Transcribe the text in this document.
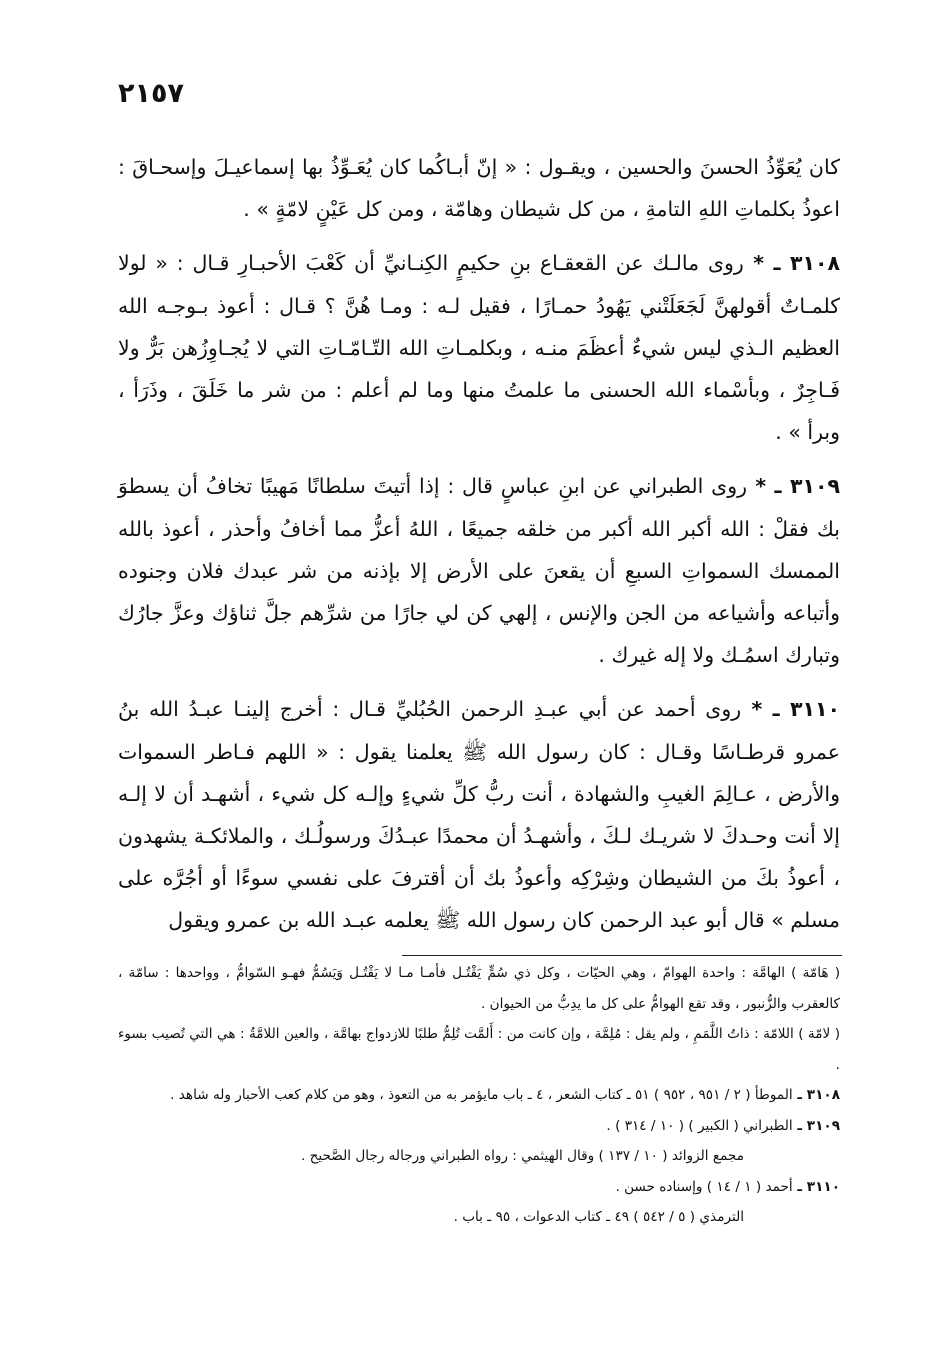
٢١٥٧

كان يُعَوِّذُ الحسنَ والحسين ، ويقـول : « إنّ أبـاكُما كان يُعَـوِّذُ بها إسماعيـلَ وإسحـاقَ : اعوذُ بكلماتِ اللهِ التامةِ ، من كل شيطان وهامّة ، ومن كل عَيْنٍ لامّةٍ » .

٣١٠٨ ـ * روى مالـك عن القعقـاع بنِ حكيمٍ الكِنـانيِّ أن كَعْبَ الأحبـارِ قـال : « لولا كلمـاتٌ أقولهنَّ لَجَعَلَتْني يَهُودُ حمـارًا ، فقيل لـه : ومـا هُنَّ ؟ قـال : أعوذ بـوجـه الله العظيم الـذي ليس شيءٌ أعظَمَ منـه ، وبكلمـاتِ الله التّـامّـاتِ التي لا يُجـاوِزُهن بَرٌّ ولا فَـاجِرٌ ، وبأسْماء الله الحسنى ما علمتُ منها وما لم أعلم : من شر ما خَلَقَ ، وذَرَأ ، وبرأ » .

٣١٠٩ ـ * روى الطبراني عن ابنِ عباسٍ قال : إذا أتيتَ سلطانًا مَهيبًا تخافُ أن يسطوَ بك فقلْ : الله أكبر الله أكبر من خلقه جميعًا ، اللهُ أعزُّ مما أخافُ وأحذر ، أعوذ بالله الممسك السمواتِ السبعِ أن يقعنَ على الأرض إلا بإذنه من شر عبدك فلان وجنوده وأتباعه وأشياعه من الجن والإنس ، إلهي كن لي جارًا من شرِّهم جلَّ ثناؤك وعزَّ جارُك وتبارك اسمُـك ولا إله غيرك .

٣١١٠ ـ * روى أحمد عن أبي عبـدِ الرحمن الحُبُليِّ قـال : أخرج إلينـا عبـدُ الله بنُ عمرو قرطـاسًا وقـال : كان رسول الله ﷺ يعلمنا يقول : « اللهم فـاطر السموات والأرض ، عـالِمَ الغيبِ والشهادة ، أنت ربُّ كلِّ شيءٍ وإلـه كل شيء ، أشهـد أن لا إلـه إلا أنت وحـدكَ لا شريـك لـكَ ، وأشهـدُ أن محمدًا عبـدُكَ ورسولُـك ، والملائكـة يشهدون ، أعوذُ بكَ من الشيطان وشِرْكِه وأعوذُ بك أن أقترفَ على نفسي سوءًا أو أجُرَّه على مسلم » قال أبو عبد الرحمن كان رسول الله ﷺ يعلمه عبـد الله بن عمرو ويقول

( هَامّة ) الهامَّة : واحدة الهوامّ ، وهي الحيّات ، وكل ذي سُمٍّ يَقْتُـل فأمـا مـا لا يَقْتُـل وَيَسُمُّ فهـو السّوامُّ ، وواحدها : سامّة ، كالعقرب والزُّنبور ، وقد تقع الهوامُّ على كل ما يدِبُّ من الحيوان .

( لامّة ) اللامّة : ذاتُ اللَّمَمِ ، ولم يقل : مُلِمَّة ، وإن كانت من : أَلمَّت تُلِمُّ طلبًا للازدواج بهامَّة ، والعين اللامَّةُ : هي التي تُصيب بسوء .

٣١٠٨ ـ الموطأ ( ٢ / ٩٥١ ، ٩٥٢ ) ٥١ ـ كتاب الشعر ، ٤ ـ باب مايؤمر به من التعوذ ، وهو من كلام كعب الأحبار وله شاهد .

٣١٠٩ ـ الطبراني ( الكبير ) ( ١٠ / ٣١٤ ) .

مجمع الزوائد ( ١٠ / ١٣٧ ) وقال الهيثمي : رواه الطبراني ورجاله رجال الصَّحيح .

٣١١٠ ـ أحمد ( ١ / ١٤ ) وإسناده حسن .

الترمذي ( ٥ / ٥٤٢ ) ٤٩ ـ كتاب الدعوات ، ٩٥ ـ باب .
